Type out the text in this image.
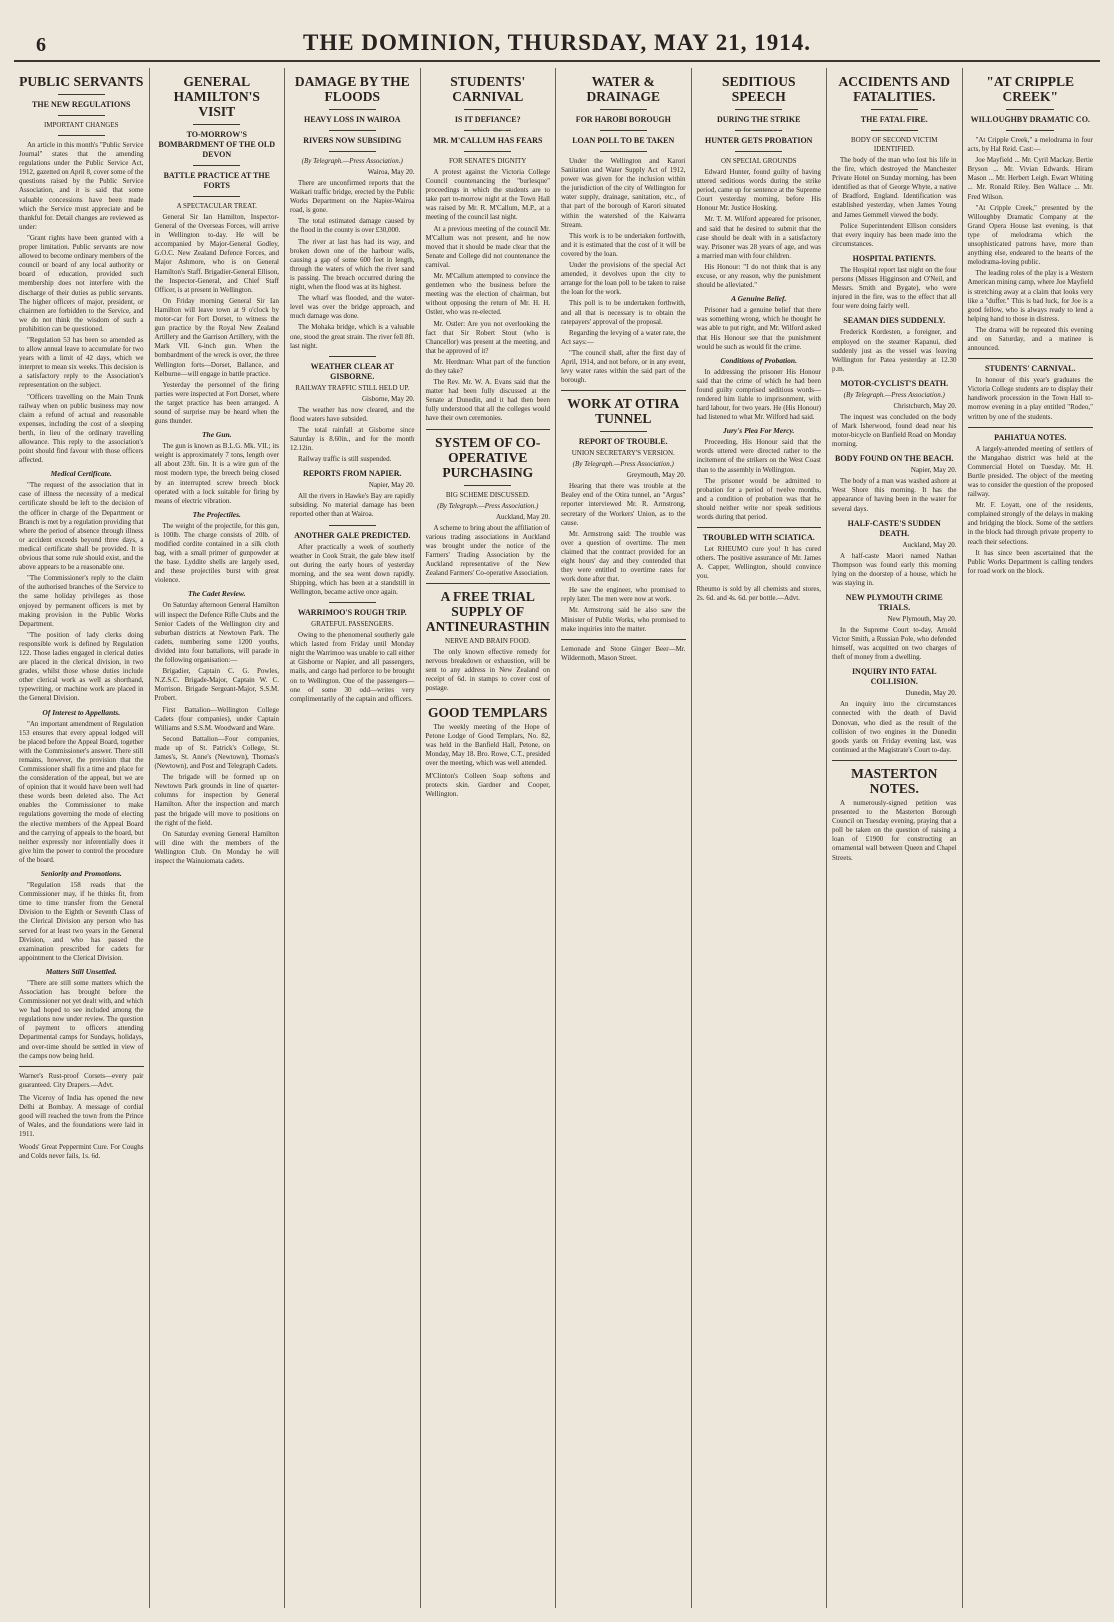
6	THE DOMINION, THURSDAY, MAY 21, 1914.
PUBLIC SERVANTS
THE NEW REGULATIONS
IMPORTANT CHANGES

An article in this month's "Public Service Journal" states that the amending regulations under the Public Service Act, 1912, gazetted on April 8, cover some of the questions raised by the Public Service Association, and it is said that some valuable concessions have been made which the Service must appreciate and be thankful for. Detail changes are reviewed as under:

"Grant rights have been granted with a proper limitation. Public servants are now allowed to become ordinary members of the council or board of any local authority or board of education, provided such membership does not interfere with the discharge of their duties as public servants. The higher officers of major, president, or chairmen are forbidden to the Service, and we do not think the wisdom of such a prohibition can be questioned.

"Regulation 53 has been so amended as to allow annual leave to accumulate for two years with a limit of 42 days, which we interpret to mean six weeks. This decision is a satisfactory reply to the Association's representation on the subject.

"Officers travelling on the Main Trunk railway when on public business may now claim a refund of actual and reasonable expenses, including the cost of a sleeping berth, in lieu of the ordinary travelling allowance. This reply to the association's point should find favour with those officers affected.

Medical Certificate.

"The request of the association that in case of illness the necessity of a medical certificate should be left to the decision of the officer in charge of the Department or Branch is met by a regulation providing that where the period of absence through illness or accident exceeds beyond three days, a medical certificate shall be provided. It is obvious that some rule should exist, and the above appears to be a reasonable one.

"The Commissioner's reply to the claim of the authorised branches of the Service to the same holiday privileges as those enjoyed by permanent officers is met by making provision in the Public Works Department.

"The position of lady clerks doing responsible work is defined by Regulation 122. Those ladies engaged in clerical duties are placed in the clerical division, in two grades, whilst those whose duties include other clerical work as well as shorthand, typewriting, or machine work are placed in the General Division.

Of Interest to Appellants.

"An important amendment of Regulation 153 ensures that every appeal lodged will be placed before the Appeal Board, together with the Commissioner's answer. There still remains, however, the provision that the Commissioner shall fix a time and place for the consideration of the appeal, but we are of opinion that it would have been well had these words been deleted also. The Act enables the Commissioner to make regulations governing the mode of electing the elective members of the Appeal Board and the carrying of appeals to the board, but neither expressly nor inferentially does it give him the power to control the procedure of the board.

Seniority and Promotions.

"Regulation 158 reads that the Commissioner may, if he thinks fit, from time to time transfer from the General Division to the Eighth or Seventh Class of the Clerical Division any person who has served for at least two years in the General Division, and who has passed the examination prescribed for cadets for appointment to the Clerical Division.

Matters Still Unsettled.

"There are still some matters which the Association has brought before the Commissioner not yet dealt with, and which we had hoped to see included among the regulations now under review. The question of payment to officers attending Departmental camps for Sundays, holidays, and over-time should be settled in view of the camps now being held.

Warner's Rust-proof Corsets—every pair guaranteed. City Drapers.—Advt.

The Viceroy of India has opened the new Delhi at Bombay. A message of cordial good will reached the town from the Prince of Wales, and the foundations were laid in 1911.

Woods' Great Peppermint Cure. For Coughs and Colds never fails, 1s. 6d.

GENERAL HAMILTON'S VISIT
TO-MORROW'S BOMBARDMENT OF THE OLD DEVON
BATTLE PRACTICE AT THE FORTS
A SPECTACULAR TREAT.

General Sir Ian Hamilton, Inspector-General of the Overseas Forces, will arrive in Wellington to-day. He will be accompanied by Major-General Godley, G.O.C. New Zealand Defence Forces, and Major Ashmore, who is on General Hamilton's Staff. Brigadier-General Ellison, the Inspector-General, and Chief Staff Officer, is at present in Wellington.

On Friday morning General Sir Ian Hamilton will leave town at 9 o'clock by motor-car for Fort Dorset, to witness the gun practice by the Royal New Zealand Artillery and the Garrison Artillery, with the Mark VII. 6-inch gun. When the bombardment of the wreck is over, the three Wellington forts—Dorset, Ballance, and Kelburne—will engage in battle practice.

Yesterday the personnel of the firing parties were inspected at Fort Dorset, where the target practice has been arranged. A sound of surprise may be heard when the guns thunder.

The Gun.

The gun is known as B.L.G. Mk. VII.; its weight is approximately 7 tons, length over all about 23ft. 6in. It is a wire gun of the most modern type, the breech being closed by an interrupted screw breech block operated with a lock suitable for firing by means of electric vibration.

The Projectiles.

The weight of the projectile, for this gun, is 100lb. The charge consists of 20lb. of modified cordite contained in a silk cloth bag, with a small primer of gunpowder at the base. Lyddite shells are largely used, and these projectiles burst with great violence.

The Cadet Review.

On Saturday afternoon General Hamilton will inspect the Defence Rifle Clubs and the Senior Cadets of the Wellington city and suburban districts at Newtown Park. The cadets, numbering some 1200 youths, divided into four battalions, will parade in the following organisation:—

Brigadier, Captain C. G. Powles, N.Z.S.C. Brigade-Major, Captain W. C. Morrison. Brigade Sergeant-Major, S.S.M. Probert.

First Battalion—Wellington College Cadets (four companies), under Captain Williams and S.S.M. Woodward and Ware.

Second Battalion—Four companies, made up of St. Patrick's College, St. James's, St. Anne's (Newtown), Thomas's (Newtown), and Post and Telegraph Cadets.

The brigade will be formed up on Newtown Park grounds in line of quarter-columns for inspection by General Hamilton. After the inspection and march past the brigade will move to positions on the right of the field.

On Saturday evening General Hamilton will dine with the members of the Wellington Club. On Monday he will inspect the Wainuiomata cadets.

DAMAGE BY THE FLOODS
HEAVY LOSS IN WAIROA
RIVERS NOW SUBSIDING
(By Telegraph.—Press Association.)
Wairoa, May 20.

There are unconfirmed reports that the Waikari traffic bridge, erected by the Public Works Department on the Napier-Wairoa road, is gone.

The total estimated damage caused by the flood in the county is over £30,000.

The river at last has had its way, and broken down one of the harbour walls, causing a gap of some 600 feet in length, through the waters of which the river sand is passing. The breach occurred during the night, when the flood was at its highest.

The wharf was flooded, and the water-level was over the bridge approach, and much damage was done.

The Mohaka bridge, which is a valuable one, stood the great strain. The river fell 8ft. last night.

WEATHER CLEAR AT GISBORNE.
RAILWAY TRAFFIC STILL HELD UP.
Gisborne, May 20.

The weather has now cleared, and the flood waters have subsided.

The total rainfall at Gisborne since Saturday is 8.60in., and for the month 12.12in.

Railway traffic is still suspended.

REPORTS FROM NAPIER.
Napier, May 20.

All the rivers in Hawke's Bay are rapidly subsiding. No material damage has been reported other than at Wairoa.

ANOTHER GALE PREDICTED.

After practically a week of southerly weather in Cook Strait, the gale blew itself out during the early hours of yesterday morning, and the sea went down rapidly. Shipping, which has been at a standstill in Wellington, became active once again.

WARRIMOO'S ROUGH TRIP.
GRATEFUL PASSENGERS.

Owing to the phenomenal southerly gale which lasted from Friday until Monday night the Warrimoo was unable to call either at Gisborne or Napier, and all passengers, mails, and cargo had perforce to be brought on to Wellington. One of the passengers—one of some 30 odd—writes very complimentarily of the captain and officers.

STUDENTS' CARNIVAL
IS IT DEFIANCE?
MR. M'CALLUM HAS FEARS
FOR SENATE'S DIGNITY

A protest against the Victoria College Council countenancing the "burlesque" proceedings in which the students are to take part to-morrow night at the Town Hall was raised by Mr. R. M'Callum, M.P., at a meeting of the council last night.

At a previous meeting of the council Mr. M'Callum was not present, and he now moved that it should be made clear that the Senate and College did not countenance the carnival.

Mr. M'Callum attempted to convince the gentlemen who the business before the meeting was the election of chairman, but without opposing the return of Mr. H. H. Ostler, who was re-elected.

Mr. Ostler: Are you not overlooking the fact that Sir Robert Stout (who is Chancellor) was present at the meeting, and that he approved of it?

Mr. Herdman: What part of the function do they take?

The Rev. Mr. W. A. Evans said that the matter had been fully discussed at the Senate at Dunedin, and it had then been fully understood that all the colleges would have their own ceremonies.

SYSTEM OF CO-OPERATIVE PURCHASING
BIG SCHEME DISCUSSED.
(By Telegraph.—Press Association.)
Auckland, May 20.

A scheme to bring about the affiliation of various trading associations in Auckland was brought under the notice of the Farmers' Trading Association by the Auckland representative of the New Zealand Farmers' Co-operative Association.

A FREE TRIAL SUPPLY OF ANTINEURASTHIN
NERVE AND BRAIN FOOD.

The only known effective remedy for nervous breakdown or exhaustion, will be sent to any address in New Zealand on receipt of 6d. in stamps to cover cost of postage.

GOOD TEMPLARS

The weekly meeting of the Hope of Petone Lodge of Good Templars, No. 82, was held in the Banfield Hall, Petone, on Monday, May 18. Bro. Rowe, C.T., presided over the meeting, which was well attended.

M'Clinton's Colleen Soap softens and protects skin. Gardner and Cooper, Wellington.

WATER & DRAINAGE
FOR HAROBI BOROUGH
LOAN POLL TO BE TAKEN

Under the Wellington and Karori Sanitation and Water Supply Act of 1912, power was given for the inclusion within the jurisdiction of the city of Wellington for water supply, drainage, sanitation, etc., of that part of the borough of Karori situated within the watershed of the Kaiwarra Stream.

This work is to be undertaken forthwith, and it is estimated that the cost of it will be covered by the loan.

Under the provisions of the special Act amended, it devolves upon the city to arrange for the loan poll to be taken to raise the loan for the work.

This poll is to be undertaken forthwith, and all that is necessary is to obtain the ratepayers' approval of the proposal.

Regarding the levying of a water rate, the Act says:—

"The council shall, after the first day of April, 1914, and not before, or in any event, levy water rates within the said part of the borough.

WORK AT OTIRA TUNNEL
REPORT OF TROUBLE.
UNION SECRETARY'S VERSION.
(By Telegraph.—Press Association.)
Greymouth, May 20.

Hearing that there was trouble at the Bealey end of the Otira tunnel, an "Argus" reporter interviewed Mr. R. Armstrong, secretary of the Workers' Union, as to the cause.

Mr. Armstrong said: The trouble was over a question of overtime. The men claimed that the contract provided for an eight hours' day and they contended that they were entitled to overtime rates for work done after that.

He saw the engineer, who promised to reply later. The men were now at work.

Mr. Armstrong said he also saw the Minister of Public Works, who promised to make inquiries into the matter.

Lemonade and Stone Ginger Beer—Mr. Wildermoth, Mason Street.

SEDITIOUS SPEECH
DURING THE STRIKE
HUNTER GETS PROBATION
ON SPECIAL GROUNDS

Edward Hunter, found guilty of having uttered seditious words during the strike period, came up for sentence at the Supreme Court yesterday morning, before His Honour Mr. Justice Hosking.

Mr. T. M. Wilford appeared for prisoner, and said that he desired to submit that the case should be dealt with in a satisfactory way. Prisoner was 28 years of age, and was a married man with four children.

His Honour: "I do not think that is any excuse, or any reason, why the punishment should be alleviated."

A Genuine Belief.

Prisoner had a genuine belief that there was something wrong, which he thought he was able to put right, and Mr. Wilford asked that His Honour see that the punishment would be such as would fit the crime.

Conditions of Probation.

In addressing the prisoner His Honour said that the crime of which he had been found guilty comprised seditious words—rendered him liable to imprisonment, with hard labour, for two years. He (His Honour) had listened to what Mr. Wilford had said.

Jury's Plea For Mercy.

Proceeding, His Honour said that the words uttered were directed rather to the incitement of the strikers on the West Coast than to the assembly in Wellington.

The prisoner would be admitted to probation for a period of twelve months, and a condition of probation was that he should neither write nor speak seditious words during that period.

TROUBLED WITH SCIATICA.

Let RHEUMO cure you! It has cured others. The positive assurance of Mr. James A. Capper, Wellington, should convince you.

Rheumo is sold by all chemists and stores, 2s. 6d. and 4s. 6d. per bottle.—Advt.

ACCIDENTS AND FATALITIES.
THE FATAL FIRE.
BODY OF SECOND VICTIM IDENTIFIED.

The body of the man who lost his life in the fire, which destroyed the Manchester Private Hotel on Sunday morning, has been identified as that of George Whyte, a native of Bradford, England. Identification was established yesterday, when James Young and James Gemmell viewed the body.

Police Superintendent Ellison considers that every inquiry has been made into the circumstances.

HOSPITAL PATIENTS.

The Hospital report last night on the four persons (Misses Higginson and O'Neil, and Messrs. Smith and Bygate), who were injured in the fire, was to the effect that all four were doing fairly well.

SEAMAN DIES SUDDENLY.

Frederick Kordesten, a foreigner, and employed on the steamer Kapanui, died suddenly just as the vessel was leaving Wellington for Patea yesterday at 12.30 p.m.

MOTOR-CYCLIST'S DEATH.
(By Telegraph.—Press Association.)
Christchurch, May 20.

The inquest was concluded on the body of Mark Isherwood, found dead near his motor-bicycle on Banfield Road on Monday morning.

BODY FOUND ON THE BEACH.
Napier, May 20.

The body of a man was washed ashore at West Shore this morning. It has the appearance of having been in the water for several days.

HALF-CASTE'S SUDDEN DEATH.
Auckland, May 20.

A half-caste Maori named Nathan Thompson was found early this morning lying on the doorstep of a house, which he was staying in.

NEW PLYMOUTH CRIME TRIALS.
New Plymouth, May 20.

In the Supreme Court to-day, Arnold Victor Smith, a Russian Pole, who defended himself, was acquitted on two charges of theft of money from a dwelling.

INQUIRY INTO FATAL COLLISION.
Dunedin, May 20.

An inquiry into the circumstances connected with the death of David Donovan, who died as the result of the collision of two engines in the Dunedin goods yards on Friday evening last, was continued at the Magistrate's Court to-day.

MASTERTON NOTES.

A numerously-signed petition was presented to the Masterton Borough Council on Tuesday evening, praying that a poll be taken on the question of raising a loan of £1900 for constructing an ornamental wall between Queen and Chapel Streets.

"AT CRIPPLE CREEK"
WILLOUGHBY DRAMATIC CO.

"At Cripple Creek," a melodrama in four acts, by Hal Reid. Cast:—

Joe Mayfield ... Mr. Cyril Mackay. Bertie Bryson ... Mr. Vivian Edwards. Hiram Mason ... Mr. Herbert Leigh. Ewart Whiting ... Mr. Ronald Riley. Ben Wallace ... Mr. Fred Wilson.

"At Cripple Creek," presented by the Willoughby Dramatic Company at the Grand Opera House last evening, is that type of melodrama which the unsophisticated patrons have, more than anything else, endeared to the hearts of the melodrama-loving public.

The leading roles of the play is a Western American mining camp, where Joe Mayfield is stretching away at a claim that looks very like a "duffer." This is bad luck, for Joe is a good fellow, who is always ready to lend a helping hand to those in distress.

The drama will be repeated this evening and on Saturday, and a matinee is announced.

STUDENTS' CARNIVAL.

In honour of this year's graduates the Victoria College students are to display their handiwork procession in the Town Hall to-morrow evening in a play entitled "Rodeo," written by one of the students.

PAHIATUA NOTES.

A largely-attended meeting of settlers of the Mangahao district was held at the Commercial Hotel on Tuesday. Mr. H. Burtle presided. The object of the meeting was to consider the question of the proposed railway.

Mr. F. Loyatt, one of the residents, complained strongly of the delays in making and bridging the block. Some of the settlers in the block had through private property to reach their selections.

It has since been ascertained that the Public Works Department is calling tenders for road work on the block.
